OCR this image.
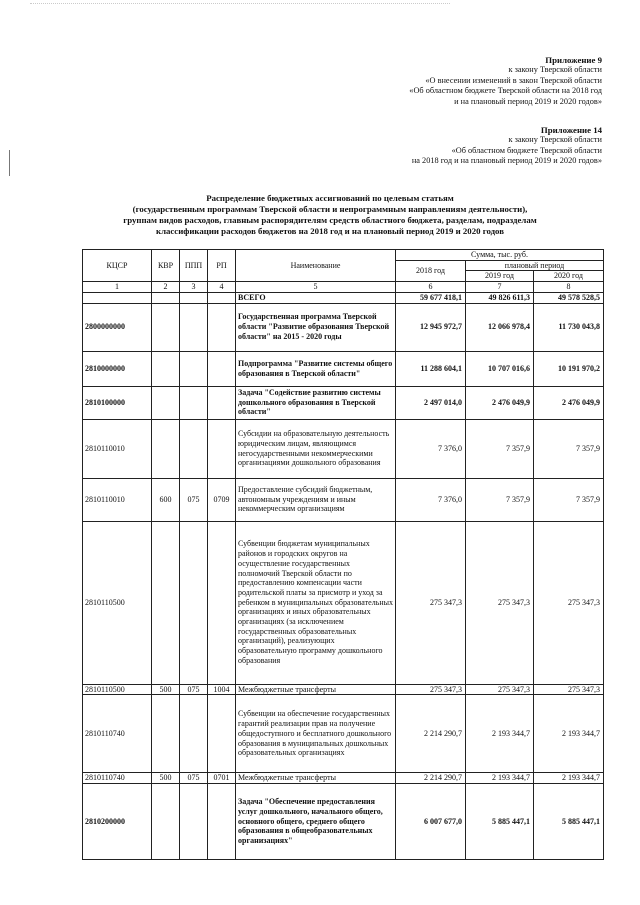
Приложение 9
к закону Тверской области
«О внесении изменений в закон Тверской области
«Об областном бюджете Тверской области на 2018 год
и на плановый период 2019 и 2020 годов»
Приложение 14
к закону Тверской области
«Об областном бюджете Тверской области
на 2018 год и на плановый период 2019 и 2020 годов»
Распределение бюджетных ассигнований по целевым статьям
(государственным программам Тверской области и непрограммным направлениям деятельности),
группам видов расходов, главным распорядителям средств областного бюджета, разделам, подразделам
классификации расходов бюджетов на 2018 год и на плановый период 2019 и 2020 годов
КЦСР	КВР	ППП	РП	Наименование	Сумма, тыс. руб.		
					2018 год	плановый период	
						2019 год	2020 год
1	2	3	4	5	6	7	8
				ВСЕГО	59 677 418,1	49 826 611,3	49 578 528,5
2800000000				Государственная программа Тверской области "Развитие образования Тверской области" на 2015 - 2020 годы	12 945 972,7	12 066 978,4	11 730 043,8
2810000000				Подпрограмма "Развитие системы общего образования в Тверской области"	11 288 604,1	10 707 016,6	10 191 970,2
2810100000				Задача "Содействие развитию системы дошкольного образования в Тверской области"	2 497 014,0	2 476 049,9	2 476 049,9
2810110010				Субсидии на образовательную деятельность юридическим лицам, являющимся негосударственными некоммерческими организациями дошкольного образования	7 376,0	7 357,9	7 357,9
2810110010	600	075	0709	Предоставление субсидий бюджетным, автономным учреждениям и иным некоммерческим организациям	7 376,0	7 357,9	7 357,9
2810110500				Субвенции бюджетам муниципальных районов и городских округов на осуществление государственных полномочий Тверской области по предоставлению компенсации части родительской платы за присмотр и уход за ребенком в муниципальных образовательных организациях и иных образовательных организациях (за исключением государственных образовательных организаций), реализующих образовательную программу дошкольного образования	275 347,3	275 347,3	275 347,3
2810110500	500	075	1004	Межбюджетные трансферты	275 347,3	275 347,3	275 347,3
2810110740				Субвенции на обеспечение государственных гарантий реализации прав на получение общедоступного и бесплатного дошкольного образования в муниципальных дошкольных образовательных организациях	2 214 290,7	2 193 344,7	2 193 344,7
2810110740	500	075	0701	Межбюджетные трансферты	2 214 290,7	2 193 344,7	2 193 344,7
2810200000				Задача "Обеспечение предоставления услуг дошкольного, начального общего, основного общего, среднего общего образования в общеобразовательных организациях"	6 007 677,0	5 885 447,1	5 885 447,1
